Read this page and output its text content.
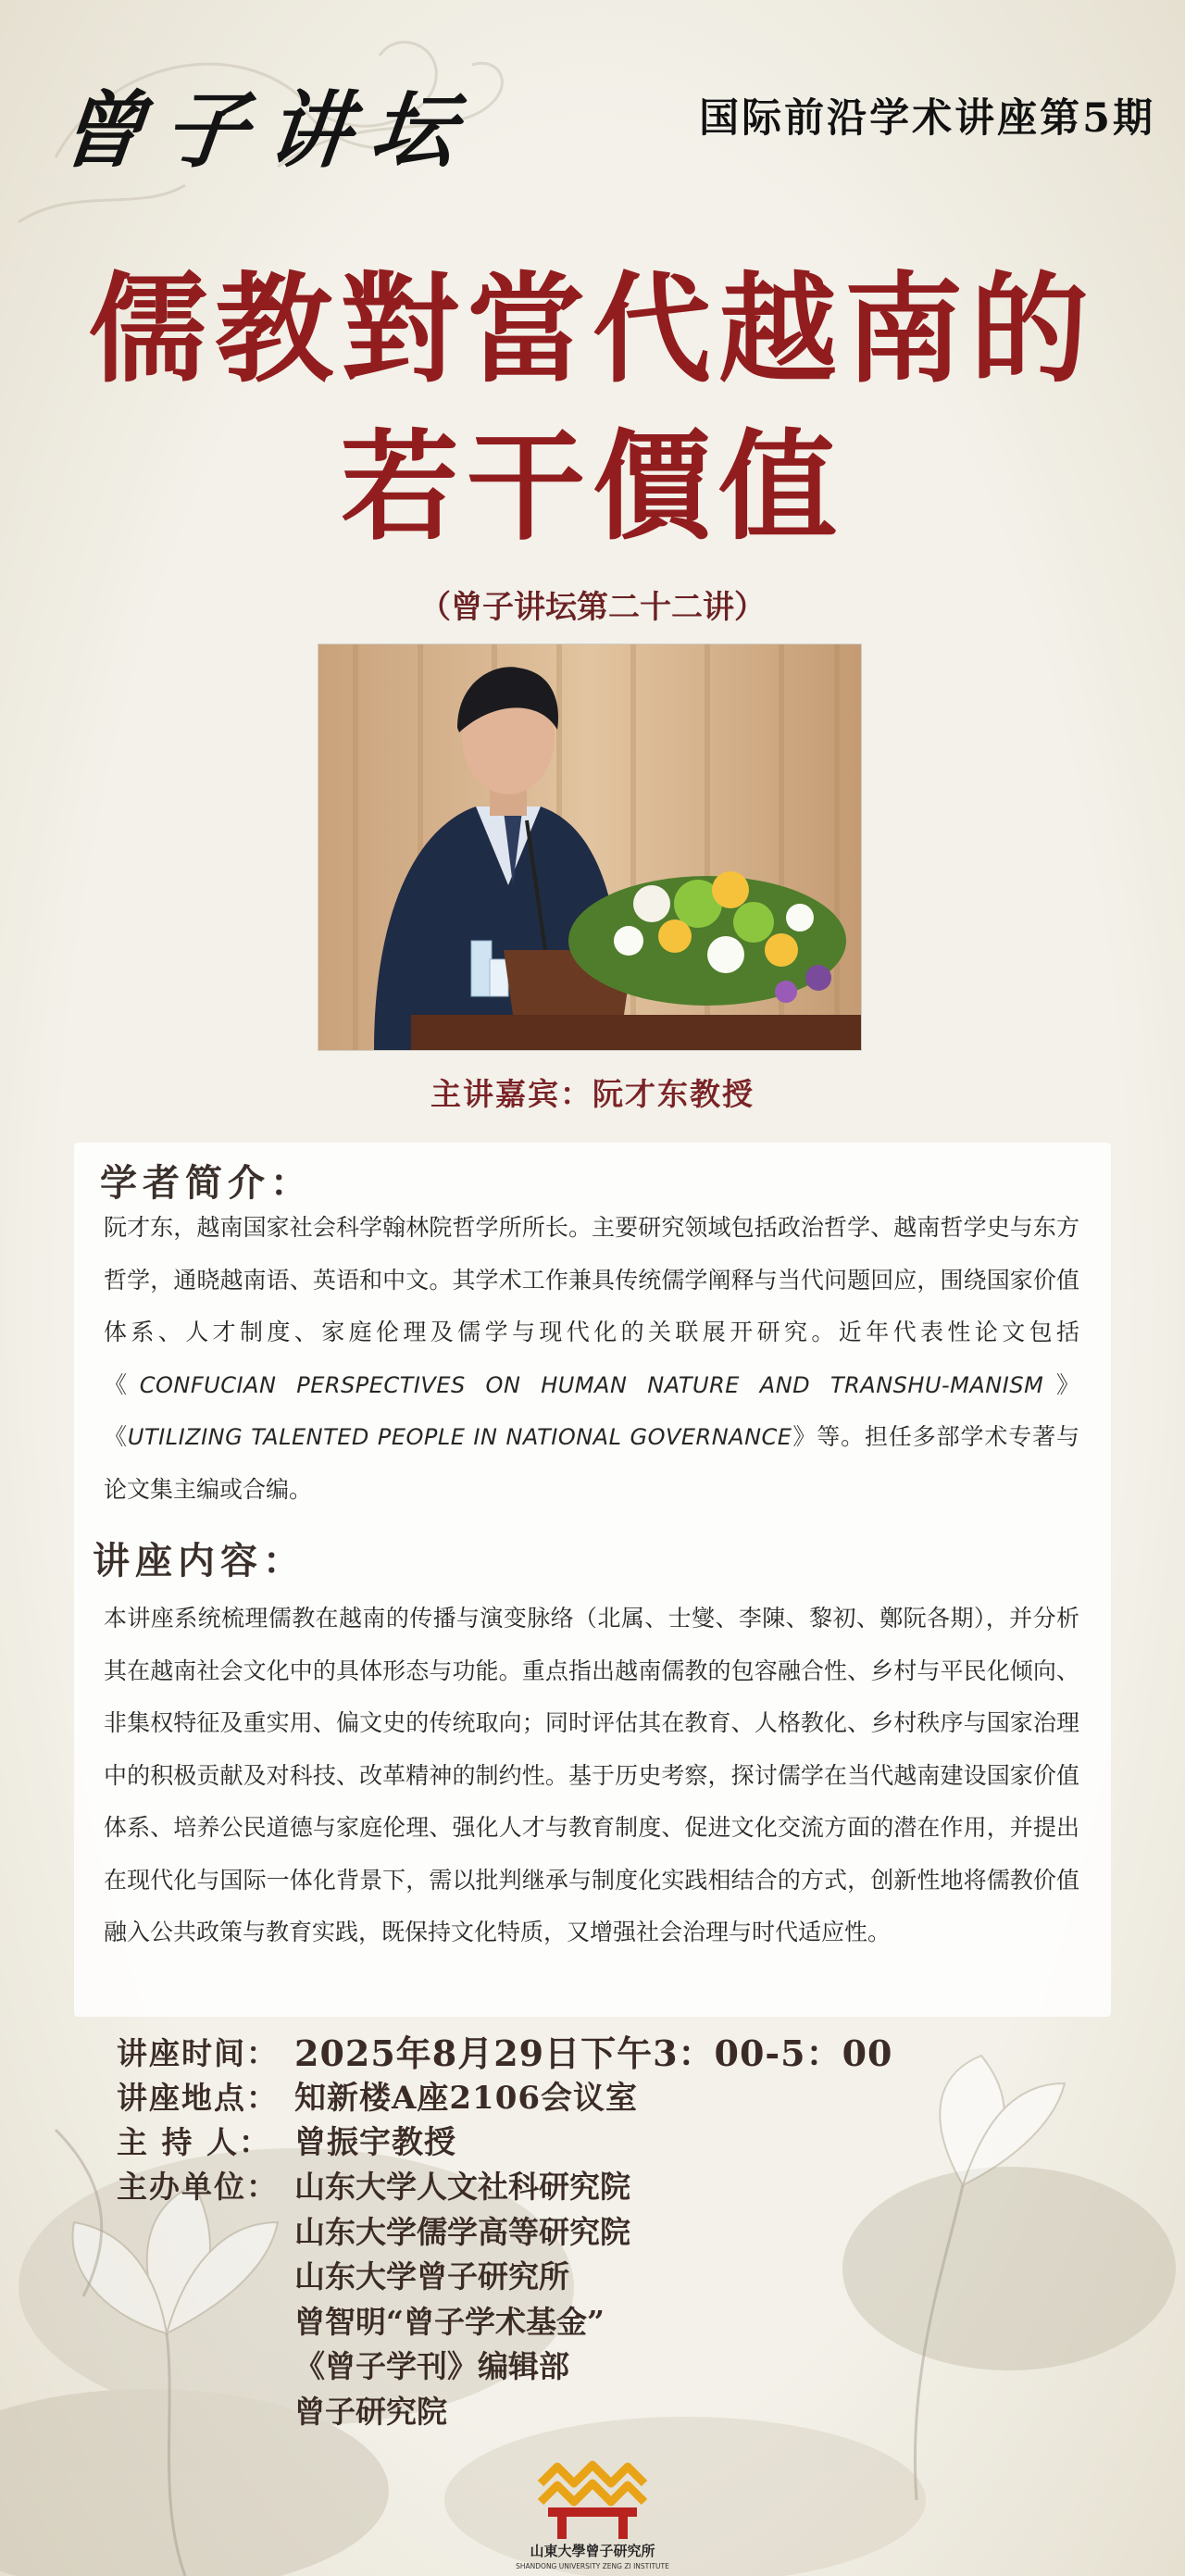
曾子讲坛	国际前沿学术讲座第5期
儒教對當代越南的
若干價值
（曾子讲坛第二十二讲）
主讲嘉宾：阮才东教授
学者简介：
阮才东，越南国家社会科学翰林院哲学所所长。主要研究领域包括政治哲学、越南哲学史与东方哲学，通晓越南语、英语和中文。其学术工作兼具传统儒学阐释与当代问题回应，围绕国家价值体系、人才制度、家庭伦理及儒学与现代化的关联展开研究。近年代表性论文包括《CONFUCIAN PERSPECTIVES ON HUMAN NATURE AND TRANSHU-MANISM》《UTILIZING TALENTED PEOPLE IN NATIONAL GOVERNANCE》等。担任多部学术专著与论文集主编或合编。
讲座内容：
本讲座系统梳理儒教在越南的传播与演变脉络（北属、士燮、李陳、黎初、鄭阮各期），并分析其在越南社会文化中的具体形态与功能。重点指出越南儒教的包容融合性、乡村与平民化倾向、非集权特征及重实用、偏文史的传统取向；同时评估其在教育、人格教化、乡村秩序与国家治理中的积极贡献及对科技、改革精神的制约性。基于历史考察，探讨儒学在当代越南建设国家价值体系、培养公民道德与家庭伦理、强化人才与教育制度、促进文化交流方面的潜在作用，并提出在现代化与国际一体化背景下，需以批判继承与制度化实践相结合的方式，创新性地将儒教价值融入公共政策与教育实践，既保持文化特质，又增强社会治理与时代适应性。
讲座时间： 2025年8月29日下午3：00-5：00
讲座地点： 知新楼A座2106会议室
主 持 人： 曾振宇教授
主办单位： 山东大学人文社科研究院
山东大学儒学高等研究院
山东大学曾子研究所
曾智明“曾子学术基金”
《曾子学刊》编辑部
曾子研究院
山東大學曾子研究所
SHANDONG UNIVERSITY ZENG ZI INSTITUTE
